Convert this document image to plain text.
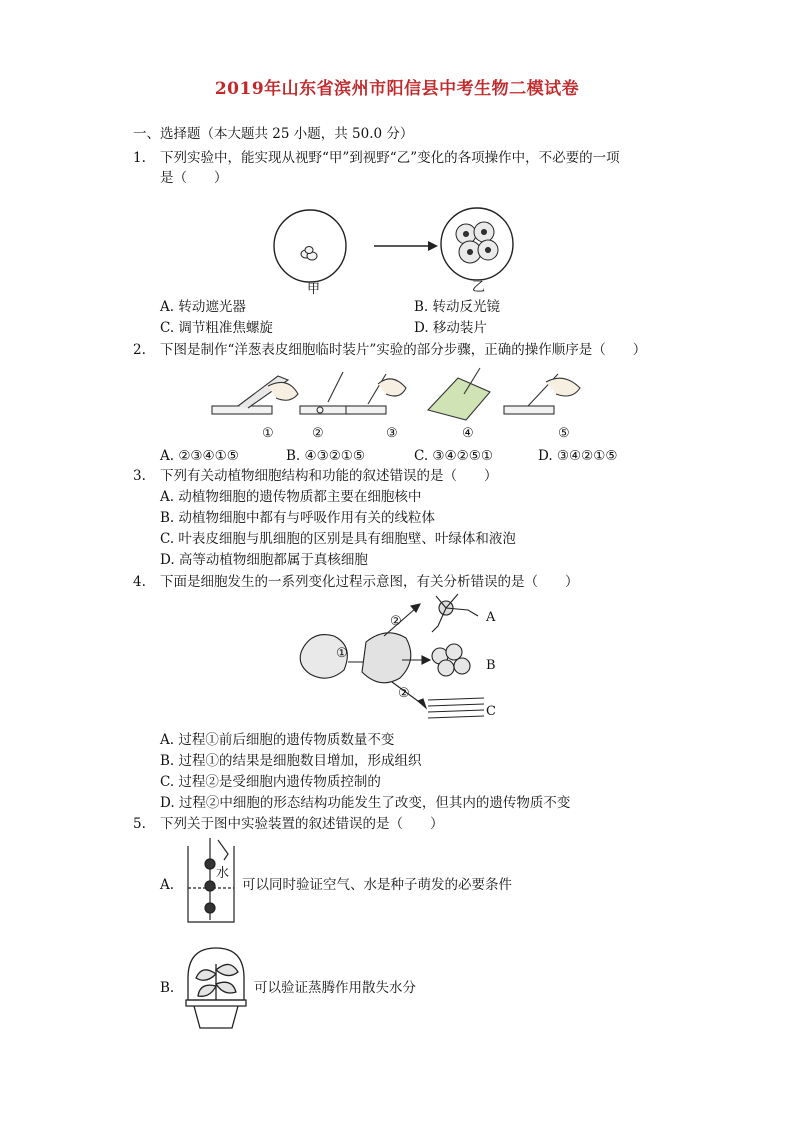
2019年山东省滨州市阳信县中考生物二模试卷
一、选择题（本大题共 25 小题，共 50.0 分）
1. 下列实验中，能实现从视野“甲”到视野“乙”变化的各项操作中，不必要的一项
是（　　）
甲	乙
A. 转动遮光器	B. 转动反光镜
C. 调节粗准焦螺旋	D. 移动装片
2. 下图是制作“洋葱表皮细胞临时装片”实验的部分步骤，正确的操作顺序是（　　）
①	②	③	④	⑤
A. ②③④①⑤	B. ④③②①⑤	C. ③④②⑤①	D. ③④②①⑤
3. 下列有关动植物细胞结构和功能的叙述错误的是（　　）
A. 动植物细胞的遗传物质都主要在细胞核中
B. 动植物细胞中都有与呼吸作用有关的线粒体
C. 叶表皮细胞与肌细胞的区别是具有细胞壁、叶绿体和液泡
D. 高等动植物细胞都属于真核细胞
4. 下面是细胞发生的一系列变化过程示意图，有关分析错误的是（　　）
①
②
②
A
B
C
A. 过程①前后细胞的遗传物质数量不变
B. 过程①的结果是细胞数目增加，形成组织
C. 过程②是受细胞内遗传物质控制的
D. 过程②中细胞的形态结构功能发生了改变，但其内的遗传物质不变
5. 下列关于图中实验装置的叙述错误的是（　　）
A.
水
可以同时验证空气、水是种子萌发的必要条件
B.	可以验证蒸腾作用散失水分
